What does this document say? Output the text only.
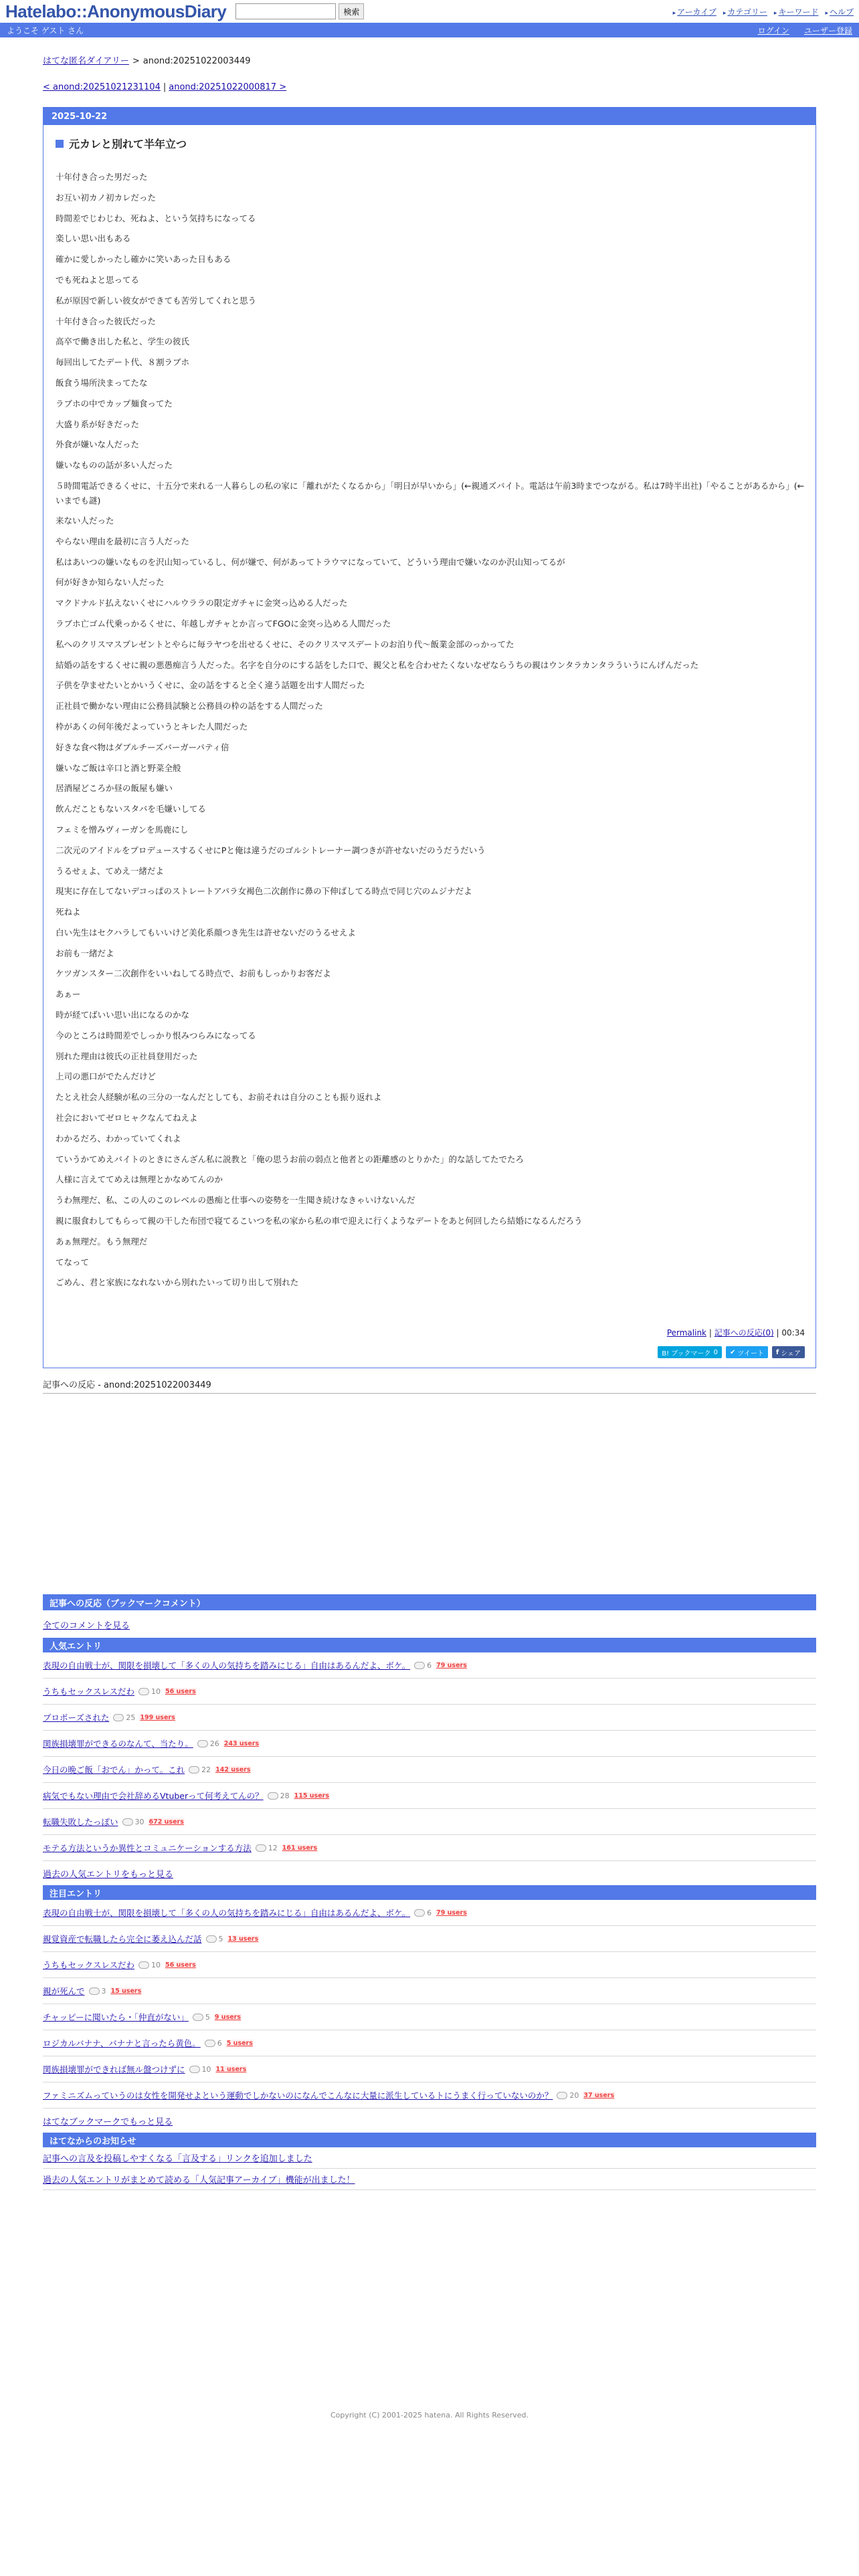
Hatelabo::AnonymousDiary	検索	▸ アーカイブ ▸ カテゴリー ▸ キーワード ▸ ヘルプ
ようこそ ゲスト さん	ログイン ユーザー登録
はてな匿名ダイアリー > anond:20251022003449
< anond:20251021231104 | anond:20251022000817 >
2025-10-22
元カレと別れて半年立つ

十年付き合った男だった

お互い初カノ初カレだった

時間差でじわじわ、死ねよ、という気持ちになってる

楽しい思い出もある

確かに愛しかったし確かに笑いあった日もある

でも死ねよと思ってる

私が原因で新しい彼女ができても苦労してくれと思う

十年付き合った彼氏だった

高卒で働き出した私と、学生の彼氏

毎回出してたデート代、８割ラブホ

飯食う場所決まってたな

ラブホの中でカップ麺食ってた

大盛り系が好きだった

外食が嫌いな人だった

嫌いなものの話が多い人だった

５時間電話できるくせに、十五分で来れる一人暮らしの私の家に「離れがたくなるから」「明日が早いから」(←親通ズバイト。電話は午前3時までつながる。私は7時半出社)「やることがあるから」(←いまでも謎)

来ない人だった

やらない理由を最初に言う人だった

私はあいつの嫌いなものを沢山知っているし、何が嫌で、何があってトラウマになっていて、どういう理由で嫌いなのか沢山知ってるが

何が好きか知らない人だった

マクドナルド払えないくせにハルウララの限定ガチャに金突っ込める人だった

ラブホ亡ゴム代乗っかるくせに、年越しガチャとか言ってFGOに金突っ込める人間だった

私へのクリスマスプレゼントとやらに毎ラヤつを出せるくせに、そのクリスマスデートのお泊り代〜飯業金部のっかってた

結婚の話をするくせに親の悪愚痴言う人だった。名字を自分のにする話をした口で、親父と私を合わせたくないなぜならうちの親はウンタラカンタラういうにんげんだった

子供を孕ませたいとかいうくせに、金の話をすると全く違う話題を出す人間だった

正社員で働かない理由に公務員試験と公務員の枠の話をする人間だった

枠があくの何年後だよっていうとキレた人間だった

好きな食べ物はダブルチーズバーガーパティ倍

嫌いなご飯は辛口と酒と野菜全般

居酒屋どころか昼の飯屋も嫌い

飲んだこともないスタバを毛嫌いしてる

フェミを憎みヴィーガンを馬鹿にし

二次元のアイドルをプロデュースするくせにPと俺は違うだのゴルシトレーナー調つきが許せないだのうだうだいう

うるせぇよ、てめえ一緒だよ

現実に存在してないデコっぱのストレートアパラ女褐色二次創作に鼻の下伸ばしてる時点で同じ穴のムジナだよ

死ねよ

白い先生はセクハラしてもいいけど美化系顔つき先生は許せないだのうるせえよ

お前も一緒だよ

ケツガンスター二次創作をいいねしてる時点で、お前もしっかりお客だよ

あぁー

時が経てばいい思い出になるのかな

今のところは時間差でしっかり恨みつらみになってる

別れた理由は彼氏の正社員登用だった

上司の悪口がでたんだけど

たとえ社会人経験が私の三分の一なんだとしても、お前それは自分のことも振り返れよ

社会においてゼロヒャクなんてねえよ

わかるだろ、わかっていてくれよ

ていうかてめえバイトのときにさんざん私に説教と「俺の思うお前の弱点と他者との距離感のとりかた」的な話してたでたろ

人様に言えててめえは無理とかなめてんのか

うわ無理だ、私、この人のこのレベルの愚痴と仕事への姿勢を一生聞き続けなきゃいけないんだ

親に服食わしてもらって親の干した布団で寝てるこいつを私の家から私の車で迎えに行くようなデートをあと何回したら結婚になるんだろう

あぁ無理だ。もう無理だ

てなって

ごめん、君と家族になれないから別れたいって切り出して別れた

Permalink | 記事への反応(0) | 00:34
B! ブックマーク 0 ✔ ツイート f シェア
記事への反応 - anond:20251022003449
記事への反応（ブックマークコメント）
全てのコメントを見る
人気エントリ
表現の自由戦士が、関限を損壊して「多くの人の気持ちを踏みにじる」自由はあるんだよ、ボケ。 6 79 users
うちもセックスレスだわ 10 56 users
プロポーズされた 25 199 users
関族損壊罪ができるのなんて、当たり。 26 243 users
今日の晩ご飯「おでん」かって。これ 22 142 users
病気でもない理由で会社辞めるVtuberって何考えてんの？ 28 115 users
転職失敗したっぽい 30 672 users
モテる方法というか異性とコミュニケーションする方法 12 161 users
過去の人気エントリをもっと見る
注目エントリ
表現の自由戦士が、関限を損壊して「多くの人の気持ちを踏みにじる」自由はあるんだよ、ボケ。 6 79 users
親覚資産で転職したら完全に萎え込んだ話 5 13 users
うちもセックスレスだわ 10 56 users
親が死んで 3 15 users
チャッピーに聞いたら・「仲直がない」 5 9 users
ロジカルバナナ、バナナと言ったら黄色。 6 5 users
関族損壊罪ができれば無ル盤つけずに 10 11 users
ファミニズムっていうのは女性を開発せよという運動でしかないのになんでこんなに大量に派生しているトにうまく行っていないのか？ 20 37 users
はてなブックマークでもっと見る
はてなからのお知らせ
記事への言及を投稿しやすくなる「言及する」リンクを追加しました
過去の人気エントリがまとめて読める「人気記事アーカイブ」機能が出ました！
Copyright (C) 2001-2025 hatena. All Rights Reserved.
